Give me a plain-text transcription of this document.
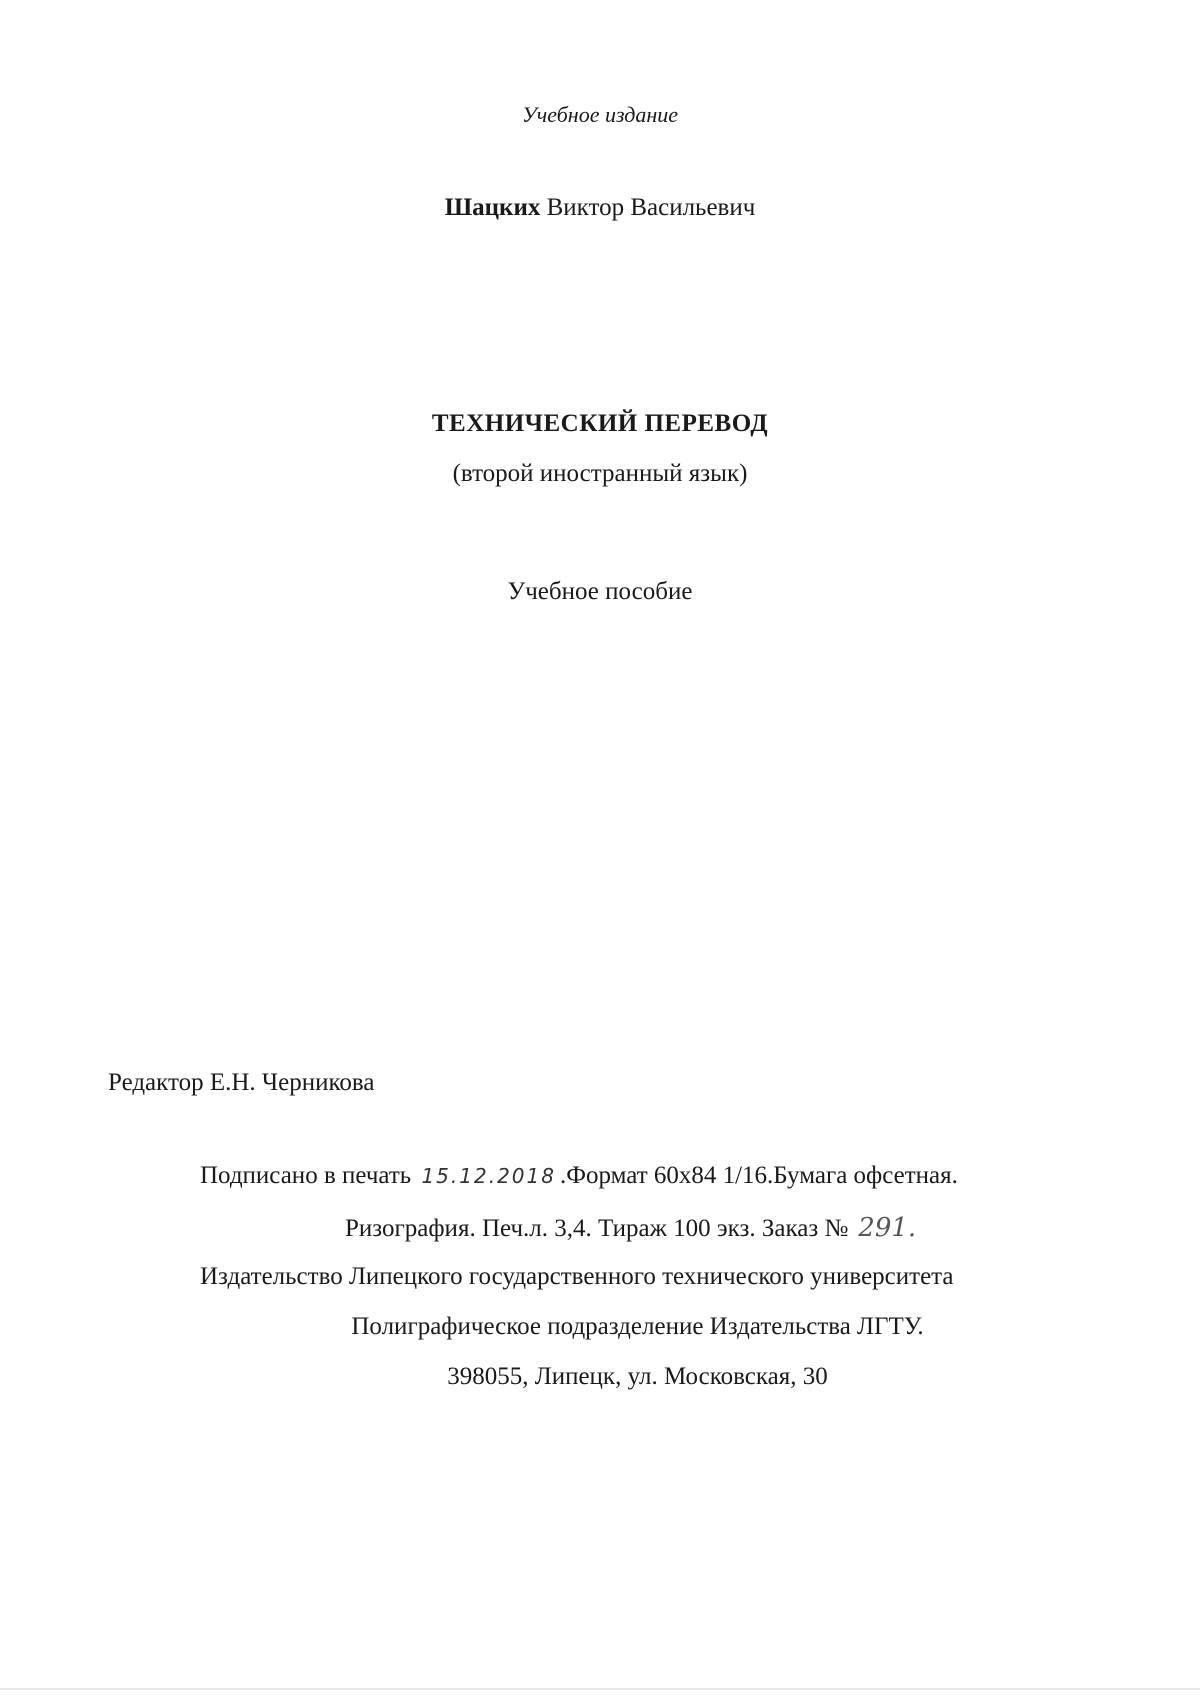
Учебное издание
Шацких Виктор Васильевич
ТЕХНИЧЕСКИЙ ПЕРЕВОД
(второй иностранный язык)
Учебное пособие
Редактор Е.Н. Черникова
Подписано в печать 15.12.2018 .Формат 60х84 1/16.Бумага офсетная.
Ризография. Печ.л. 3,4. Тираж 100 экз. Заказ № 291.
Издательство Липецкого государственного технического университета
Полиграфическое подразделение Издательства ЛГТУ.
398055, Липецк, ул. Московская, 30
